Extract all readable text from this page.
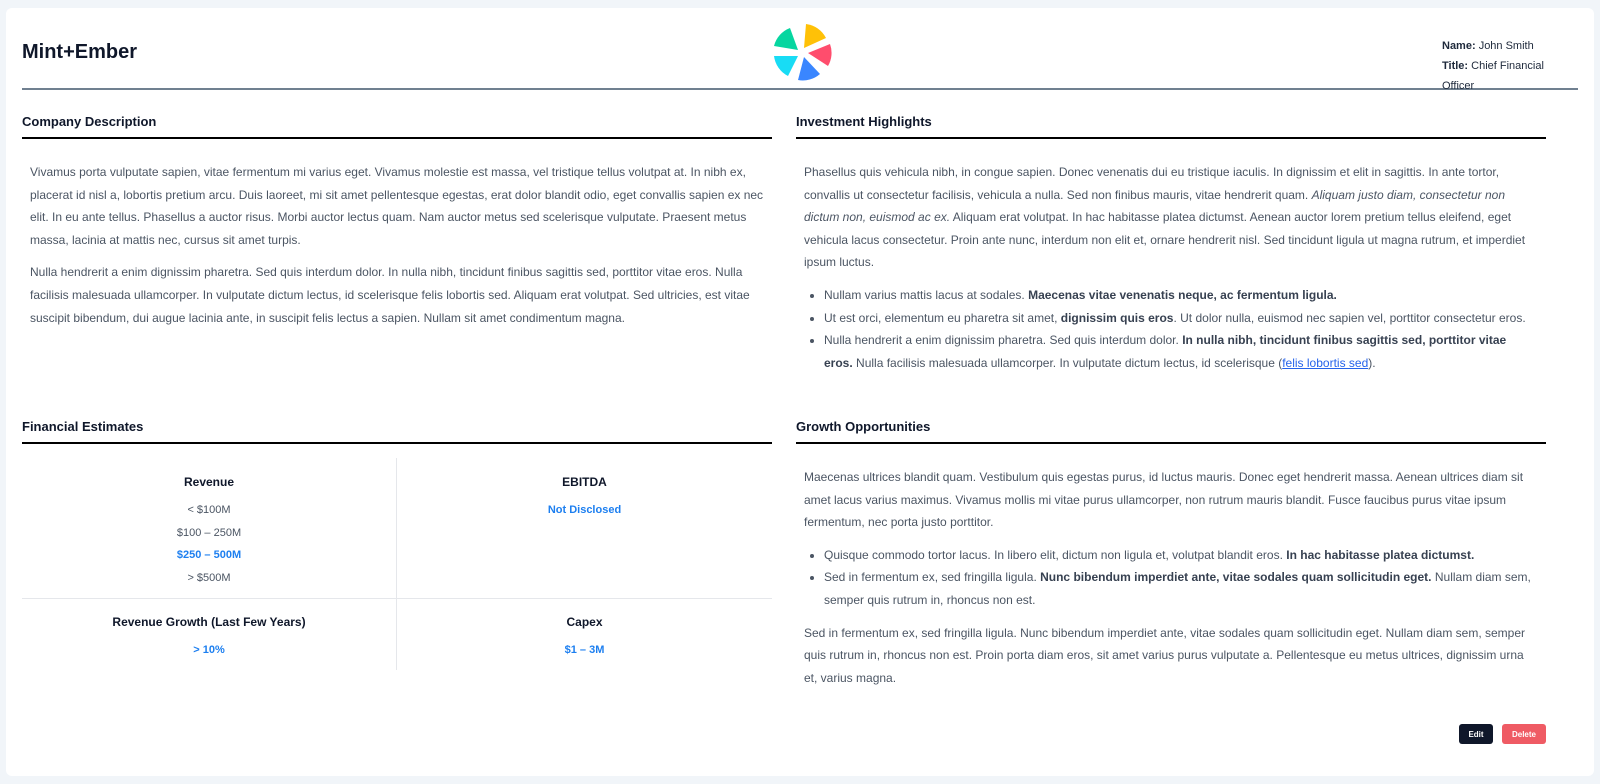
Mint+Ember	Name: John Smith
Title: Chief Financial Officer
Company Description

Vivamus porta vulputate sapien, vitae fermentum mi varius eget. Vivamus molestie est massa, vel tristique tellus volutpat at. In nibh ex, placerat id nisl a, lobortis pretium arcu. Duis laoreet, mi sit amet pellentesque egestas, erat dolor blandit odio, eget convallis sapien ex nec elit. In eu ante tellus. Phasellus a auctor risus. Morbi auctor lectus quam. Nam auctor metus sed scelerisque vulputate. Praesent metus massa, lacinia at mattis nec, cursus sit amet turpis.

Nulla hendrerit a enim dignissim pharetra. Sed quis interdum dolor. In nulla nibh, tincidunt finibus sagittis sed, porttitor vitae eros. Nulla facilisis malesuada ullamcorper. In vulputate dictum lectus, id scelerisque felis lobortis sed. Aliquam erat volutpat. Sed ultricies, est vitae suscipit bibendum, dui augue lacinia ante, in suscipit felis lectus a sapien. Nullam sit amet condimentum magna.

Investment Highlights

Phasellus quis vehicula nibh, in congue sapien. Donec venenatis dui eu tristique iaculis. In dignissim et elit in sagittis. In ante tortor, convallis ut consectetur facilisis, vehicula a nulla. Sed non finibus mauris, vitae hendrerit quam. Aliquam justo diam, consectetur non dictum non, euismod ac ex. Aliquam erat volutpat. In hac habitasse platea dictumst. Aenean auctor lorem pretium tellus eleifend, eget vehicula lacus consectetur. Proin ante nunc, interdum non elit et, ornare hendrerit nisl. Sed tincidunt ligula ut magna rutrum, et imperdiet ipsum luctus.

• Nullam varius mattis lacus at sodales. Maecenas vitae venenatis neque, ac fermentum ligula.
• Ut est orci, elementum eu pharetra sit amet, dignissim quis eros. Ut dolor nulla, euismod nec sapien vel, porttitor consectetur eros.
• Nulla hendrerit a enim dignissim pharetra. Sed quis interdum dolor. In nulla nibh, tincidunt finibus sagittis sed, porttitor vitae eros. Nulla facilisis malesuada ullamcorper. In vulputate dictum lectus, id scelerisque (felis lobortis sed).
Financial Estimates
Revenue
< $100M
$100 – 250M
$250 – 500M
> $500M
EBITDA
Not Disclosed
Revenue Growth (Last Few Years)
> 10%
Capex
$1 – 3M
Growth Opportunities

Maecenas ultrices blandit quam. Vestibulum quis egestas purus, id luctus mauris. Donec eget hendrerit massa. Aenean ultrices diam sit amet lacus varius maximus. Vivamus mollis mi vitae purus ullamcorper, non rutrum mauris blandit. Fusce faucibus purus vitae ipsum fermentum, nec porta justo porttitor.

• Quisque commodo tortor lacus. In libero elit, dictum non ligula et, volutpat blandit eros. In hac habitasse platea dictumst.
• Sed in fermentum ex, sed fringilla ligula. Nunc bibendum imperdiet ante, vitae sodales quam sollicitudin eget. Nullam diam sem, semper quis rutrum in, rhoncus non est.

Sed in fermentum ex, sed fringilla ligula. Nunc bibendum imperdiet ante, vitae sodales quam sollicitudin eget. Nullam diam sem, semper quis rutrum in, rhoncus non est. Proin porta diam eros, sit amet varius purus vulputate a. Pellentesque eu metus ultrices, dignissim urna et, varius magna.

Edit	Delete
